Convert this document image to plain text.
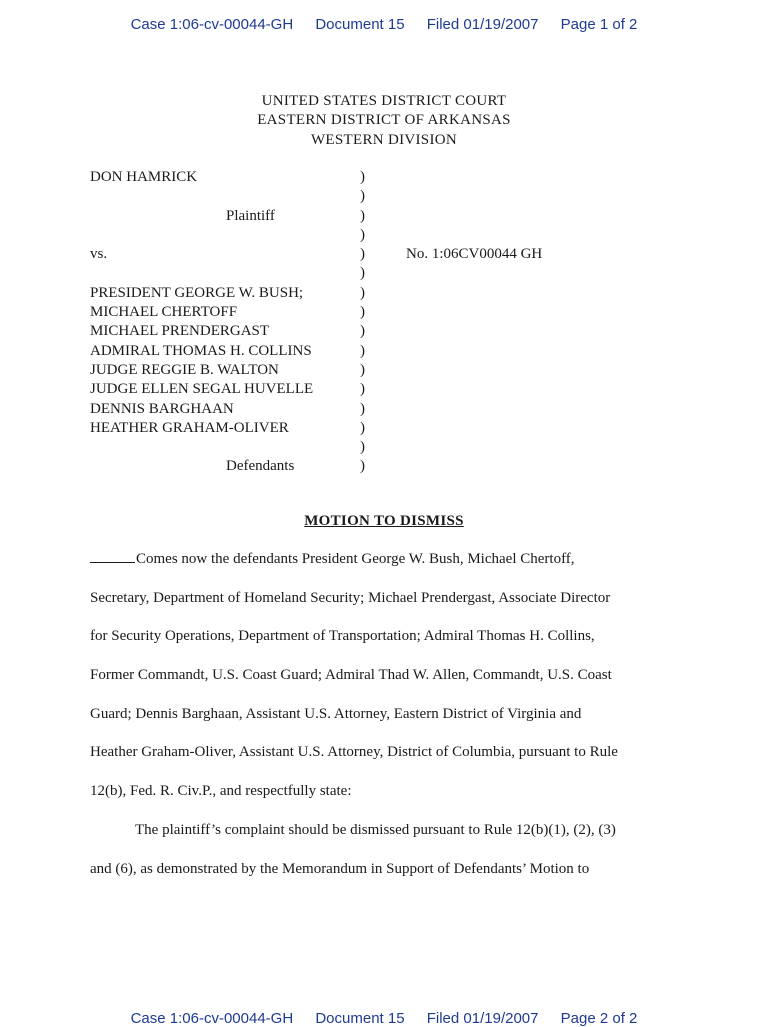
Case 1:06-cv-00044-GH Document 15 Filed 01/19/2007 Page 1 of 2
UNITED STATES DISTRICT COURT
EASTERN DISTRICT OF ARKANSAS
WESTERN DIVISION
DON HAMRICK	)
)
Plaintiff	)
)
vs.	)	No. 1:06CV00044 GH
)
PRESIDENT GEORGE W. BUSH;	)
MICHAEL CHERTOFF	)
MICHAEL PRENDERGAST	)
ADMIRAL THOMAS H. COLLINS	)
JUDGE REGGIE B. WALTON	)
JUDGE ELLEN SEGAL HUVELLE	)
DENNIS BARGHAAN	)
HEATHER GRAHAM-OLIVER	)
)
Defendants	)
MOTION TO DISMISS
Comes now the defendants President George W. Bush, Michael Chertoff,
Secretary, Department of Homeland Security; Michael Prendergast, Associate Director
for Security Operations, Department of Transportation; Admiral Thomas H. Collins,
Former Commandt, U.S. Coast Guard; Admiral Thad W. Allen, Commandt, U.S. Coast
Guard; Dennis Barghaan, Assistant U.S. Attorney, Eastern District of Virginia and
Heather Graham-Oliver, Assistant U.S. Attorney, District of Columbia, pursuant to Rule
12(b), Fed. R. Civ.P., and respectfully state:
The plaintiff’s complaint should be dismissed pursuant to Rule 12(b)(1), (2), (3)
and (6), as demonstrated by the Memorandum in Support of Defendants’ Motion to
Case 1:06-cv-00044-GH Document 15 Filed 01/19/2007 Page 2 of 2
